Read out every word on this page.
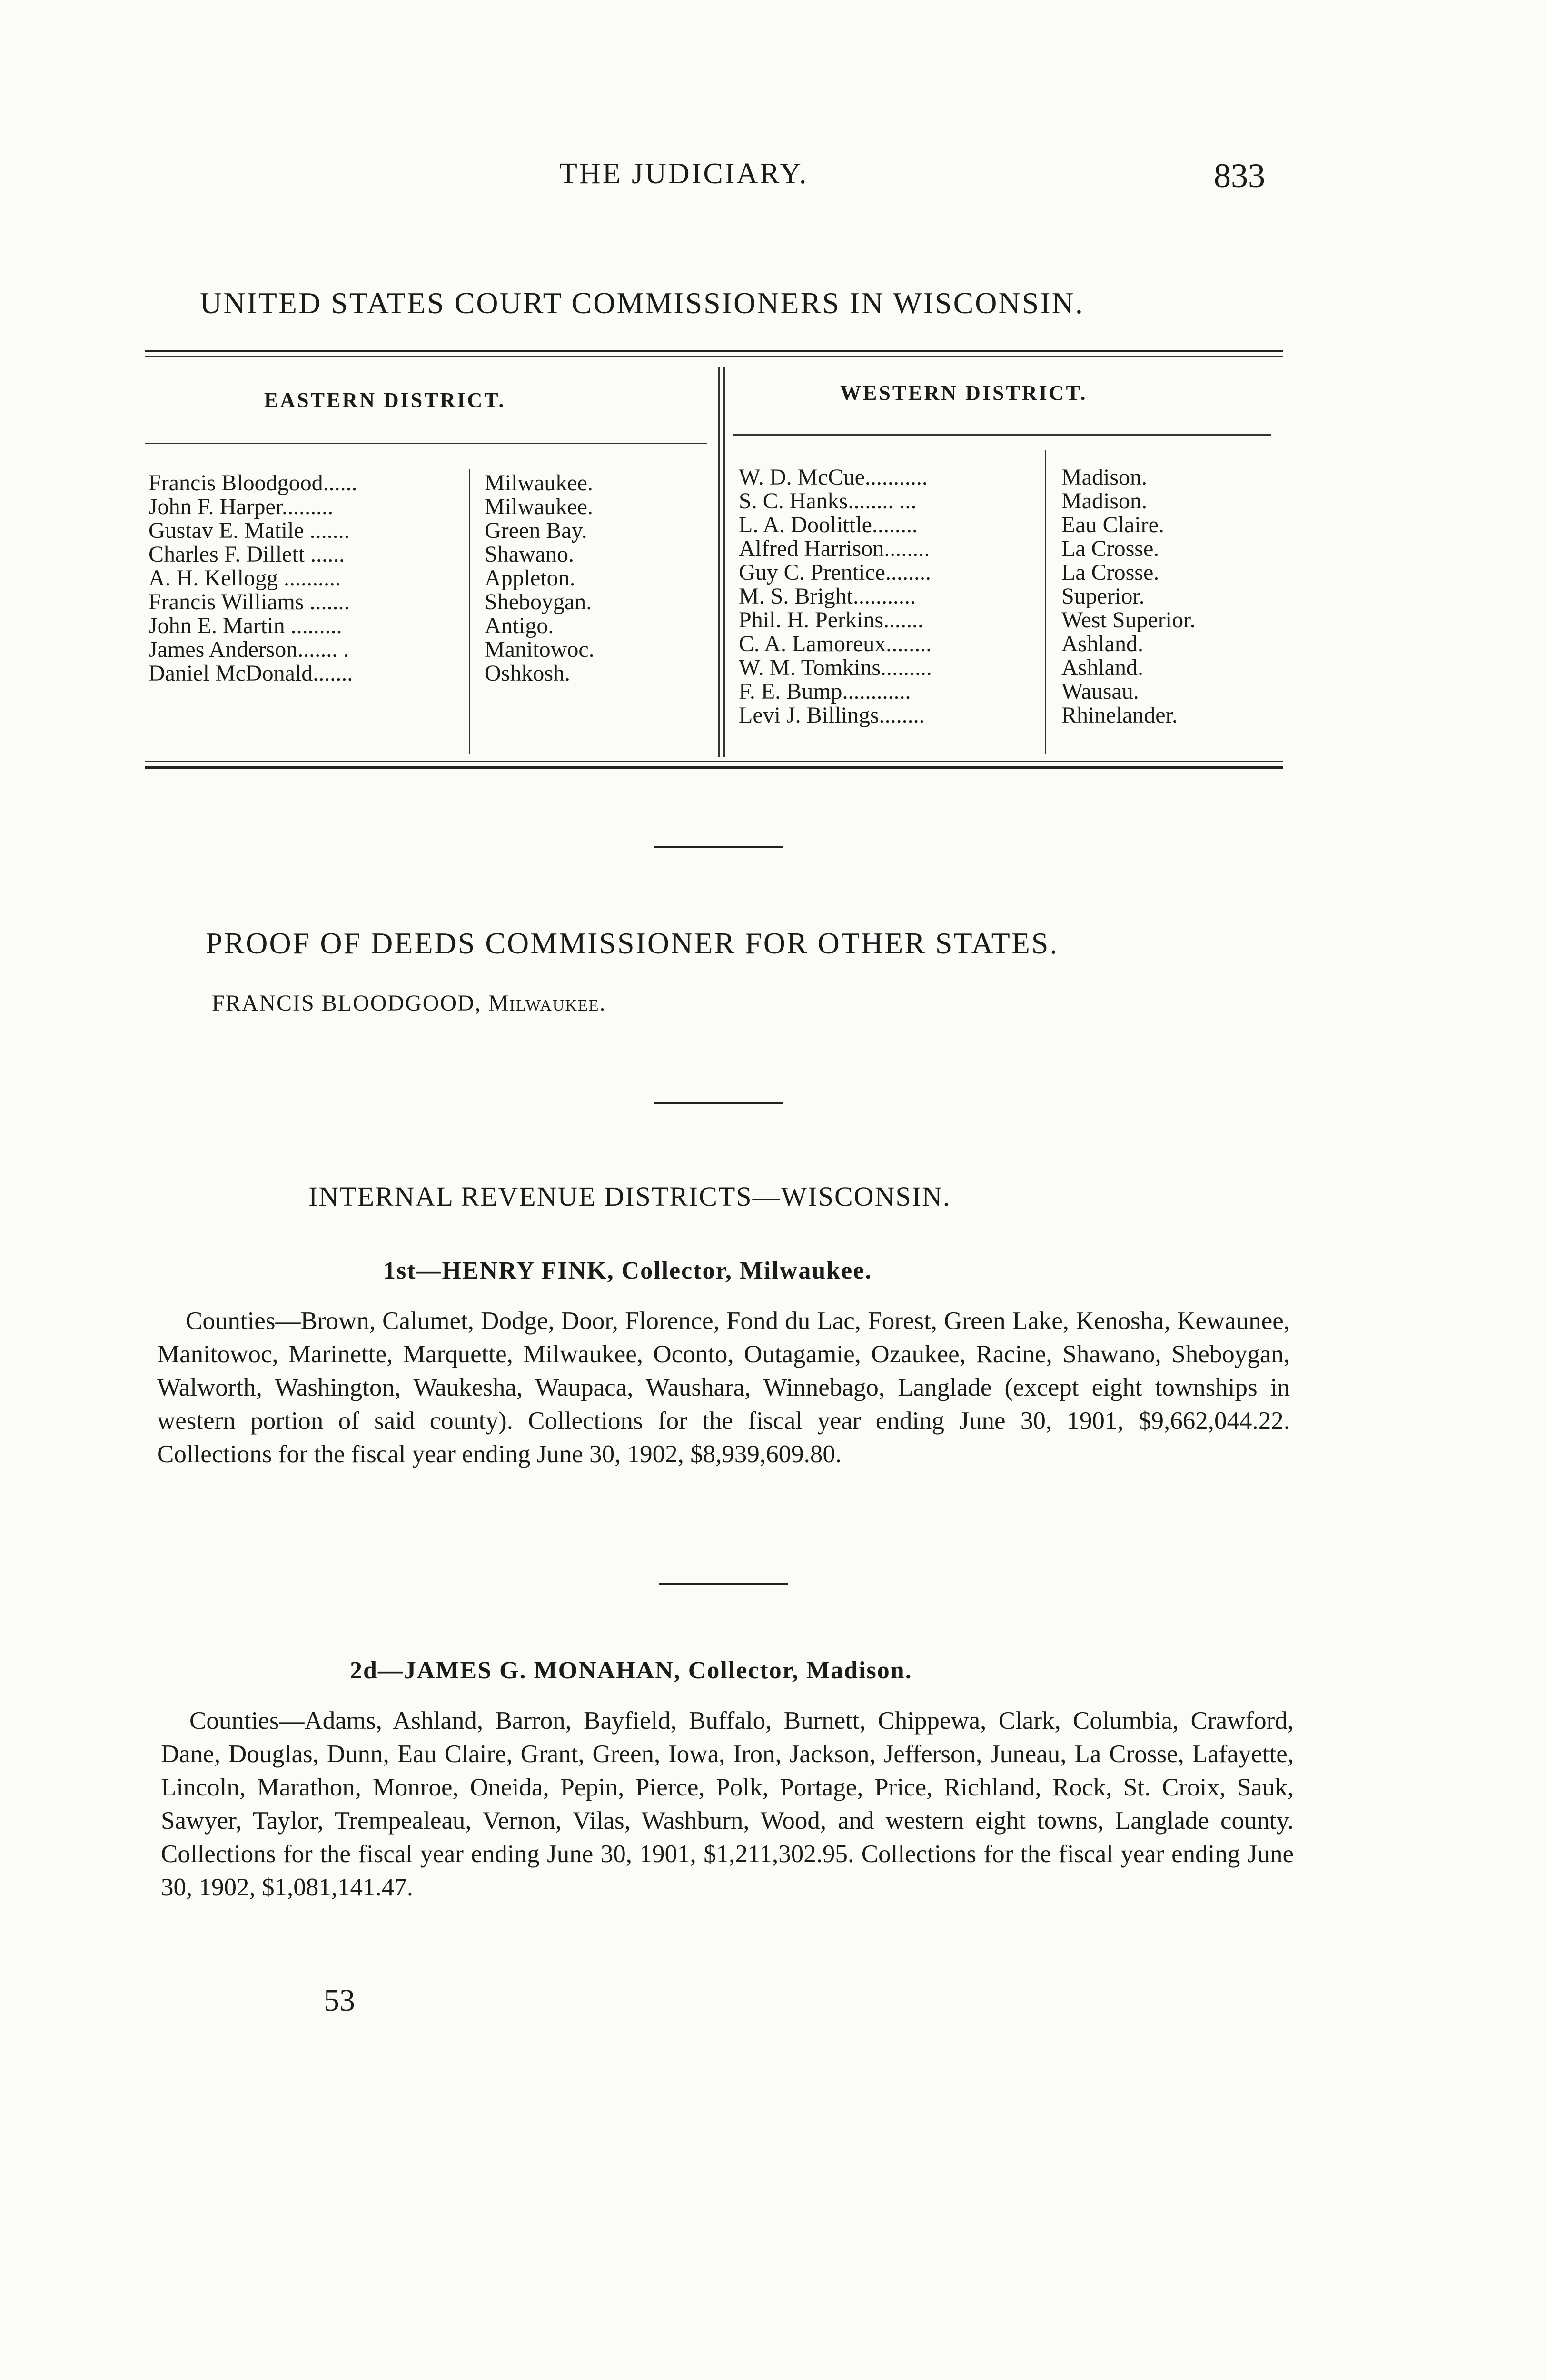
THE JUDICIARY.	833
UNITED STATES COURT COMMISSIONERS IN WISCONSIN.
EASTERN DISTRICT.	WESTERN DISTRICT.
Francis Bloodgood......
John F. Harper.........
Gustav E. Matile .......
Charles F. Dillett ......
A. H. Kellogg ..........
Francis Williams .......
John E. Martin .........
James Anderson....... .
Daniel McDonald.......
Milwaukee.
Milwaukee.
Green Bay.
Shawano.
Appleton.
Sheboygan.
Antigo.
Manitowoc.
Oshkosh.
W. D. McCue...........
S. C. Hanks........ ...
L. A. Doolittle........
Alfred Harrison........
Guy C. Prentice........
M. S. Bright...........
Phil. H. Perkins.......
C. A. Lamoreux........
W. M. Tomkins.........
F. E. Bump............
Levi J. Billings........
Madison.
Madison.
Eau Claire.
La Crosse.
La Crosse.
Superior.
West Superior.
Ashland.
Ashland.
Wausau.
Rhinelander.
PROOF OF DEEDS COMMISSIONER FOR OTHER STATES.
FRANCIS BLOODGOOD, Milwaukee.
INTERNAL REVENUE DISTRICTS—WISCONSIN.
1st—HENRY FINK, Collector, Milwaukee.
Counties—Brown, Calumet, Dodge, Door, Florence, Fond du Lac, Forest, Green Lake, Kenosha, Kewaunee, Manitowoc, Marinette, Marquette, Milwaukee, Oconto, Outagamie, Ozaukee, Racine, Shawano, Sheboygan, Walworth, Washington, Waukesha, Waupaca, Waushara, Winnebago, Langlade (except eight townships in western portion of said county). Collections for the fiscal year ending June 30, 1901, $9,662,044.22. Collections for the fiscal year ending June 30, 1902, $8,939,609.80.
2d—JAMES G. MONAHAN, Collector, Madison.
Counties—Adams, Ashland, Barron, Bayfield, Buffalo, Burnett, Chippewa, Clark, Columbia, Crawford, Dane, Douglas, Dunn, Eau Claire, Grant, Green, Iowa, Iron, Jackson, Jefferson, Juneau, La Crosse, Lafayette, Lincoln, Marathon, Monroe, Oneida, Pepin, Pierce, Polk, Portage, Price, Richland, Rock, St. Croix, Sauk, Sawyer, Taylor, Trempealeau, Vernon, Vilas, Washburn, Wood, and western eight towns, Langlade county. Collections for the fiscal year ending June 30, 1901, $1,211,302.95. Collections for the fiscal year ending June 30, 1902, $1,081,141.47.
53
